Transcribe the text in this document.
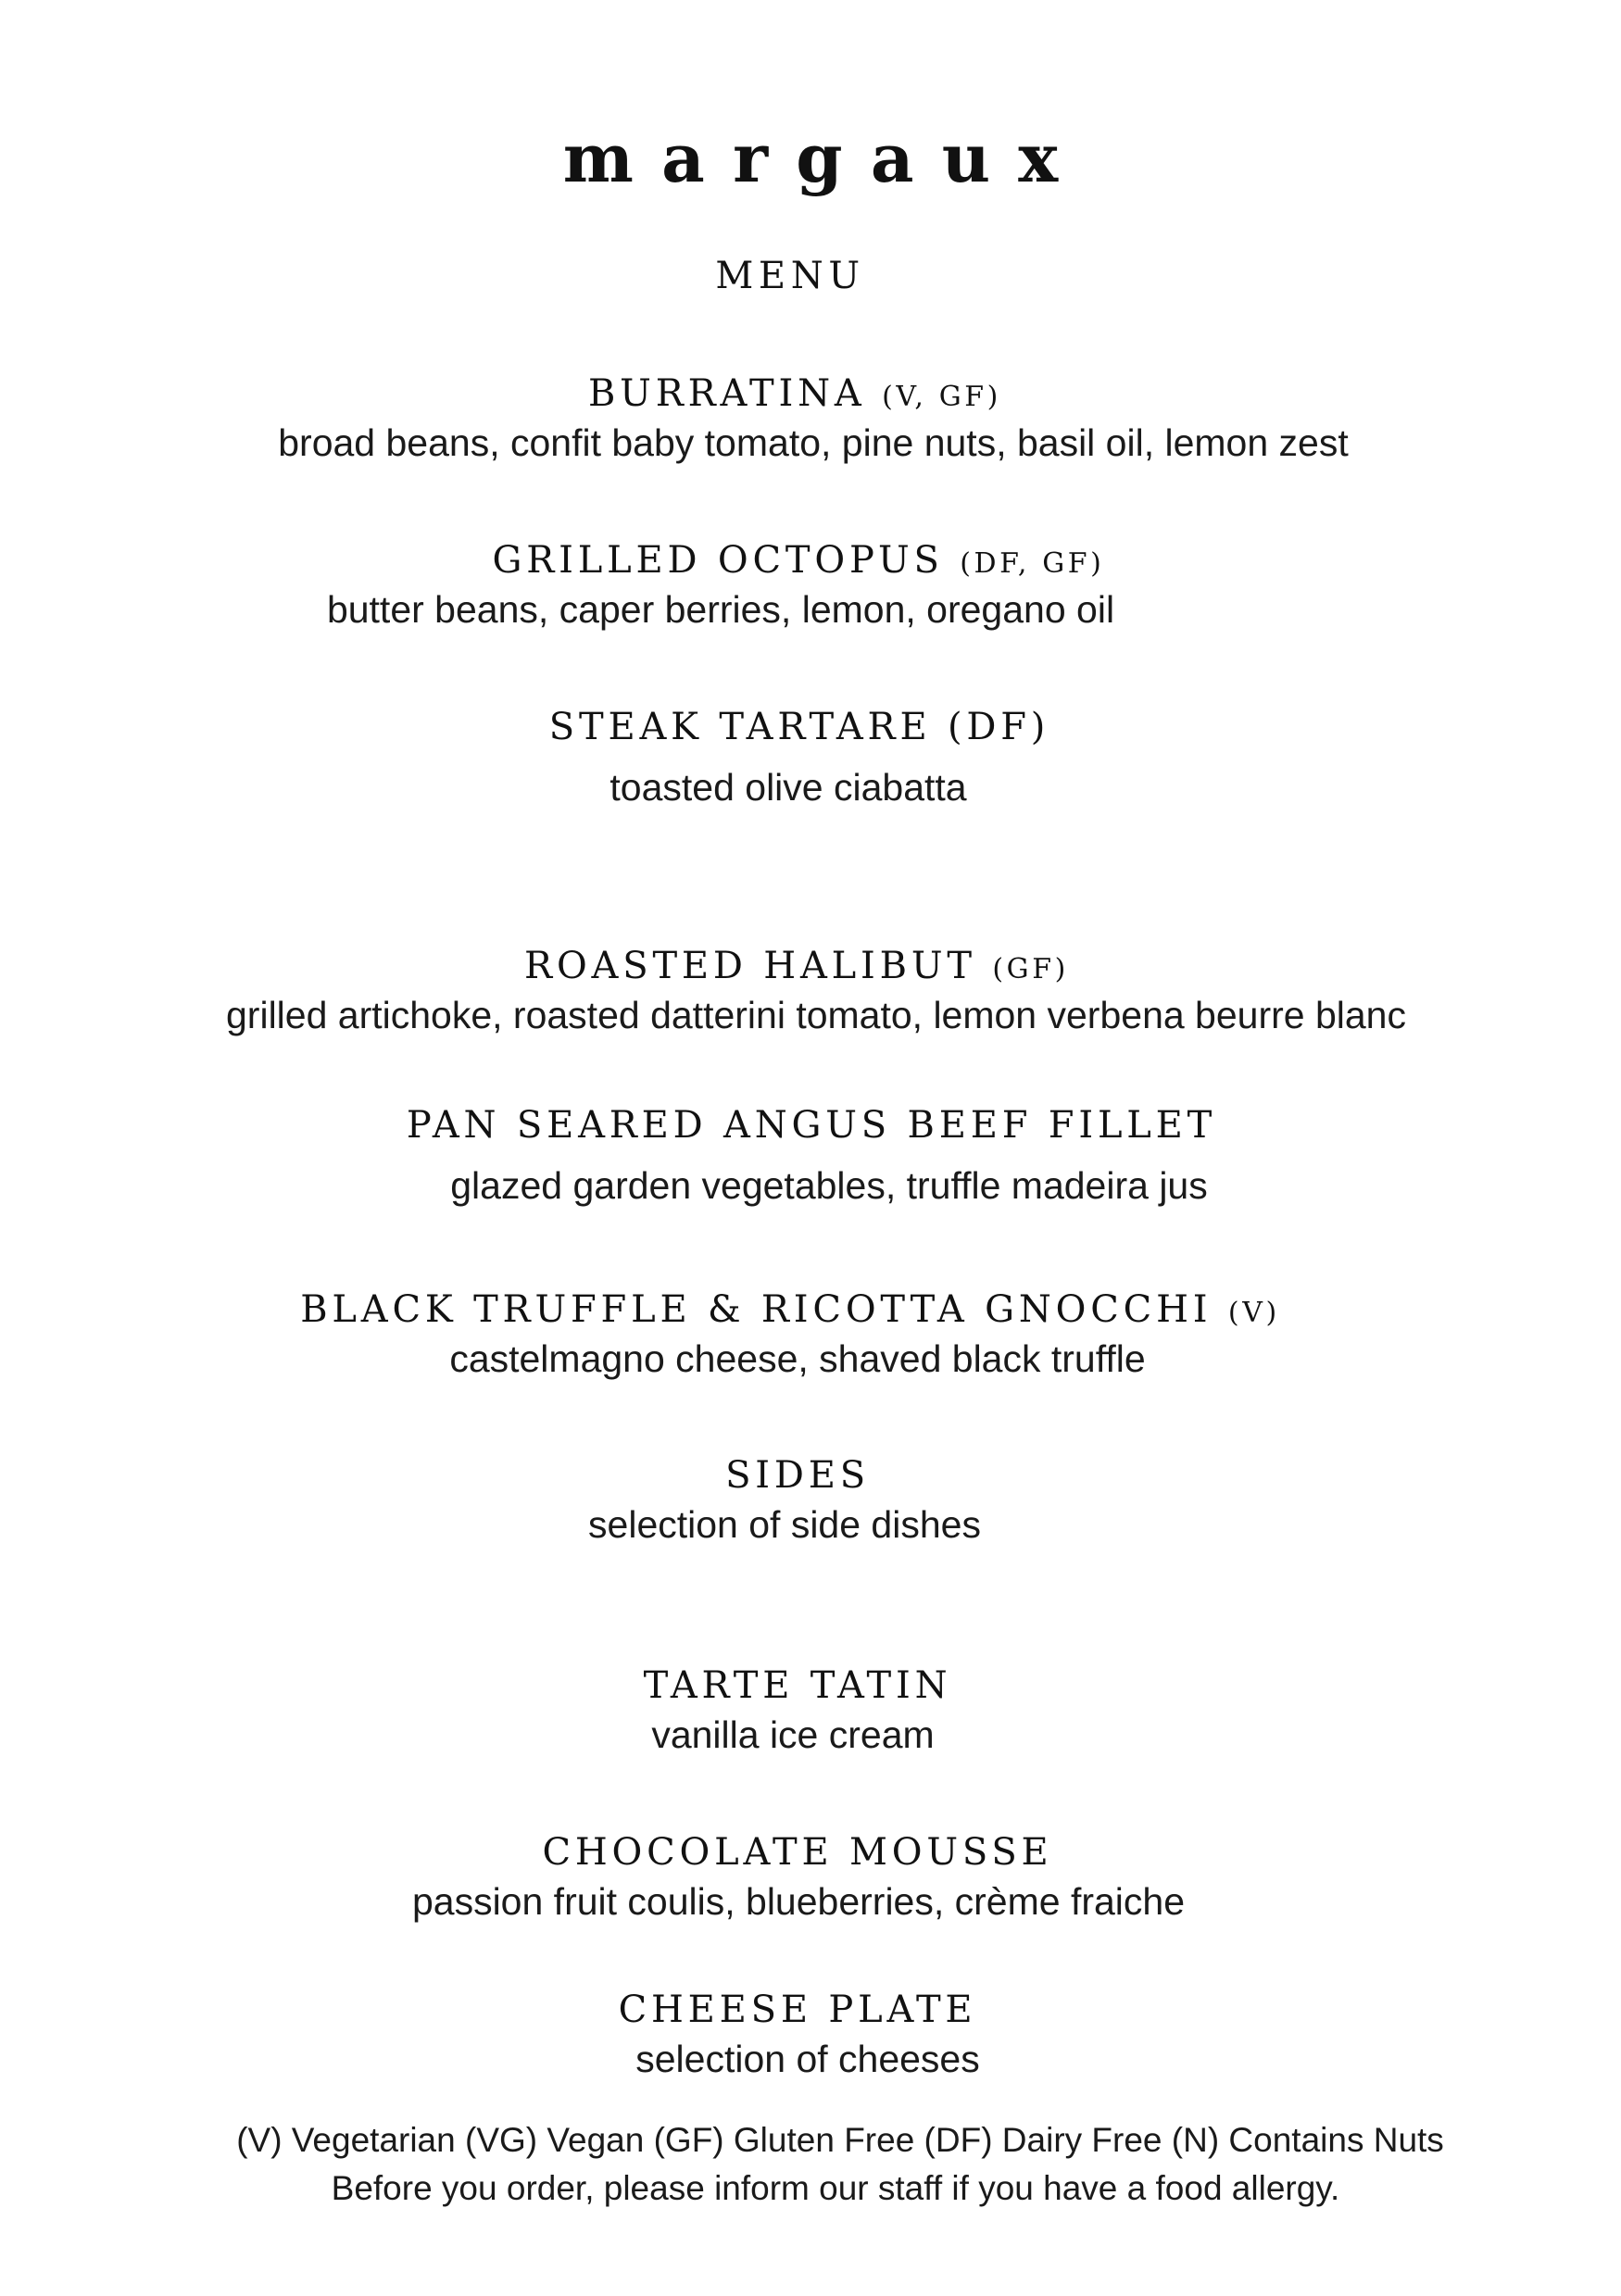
margaux
MENU
BURRATINA (V, GF)
broad beans, confit baby tomato, pine nuts, basil oil, lemon zest
GRILLED OCTOPUS (DF, GF)
butter beans, caper berries, lemon, oregano oil
STEAK TARTARE (DF)
toasted olive ciabatta
ROASTED HALIBUT (GF)
grilled artichoke, roasted datterini tomato, lemon verbena beurre blanc
PAN SEARED ANGUS BEEF FILLET
glazed garden vegetables, truffle madeira jus
BLACK TRUFFLE & RICOTTA GNOCCHI (V)
castelmagno cheese, shaved black truffle
SIDES
selection of side dishes
TARTE TATIN
vanilla ice cream
CHOCOLATE MOUSSE
passion fruit coulis, blueberries, crème fraiche
CHEESE PLATE
selection of cheeses
(V) Vegetarian (VG) Vegan (GF) Gluten Free (DF) Dairy Free (N) Contains Nuts
Before you order, please inform our staff if you have a food allergy.
